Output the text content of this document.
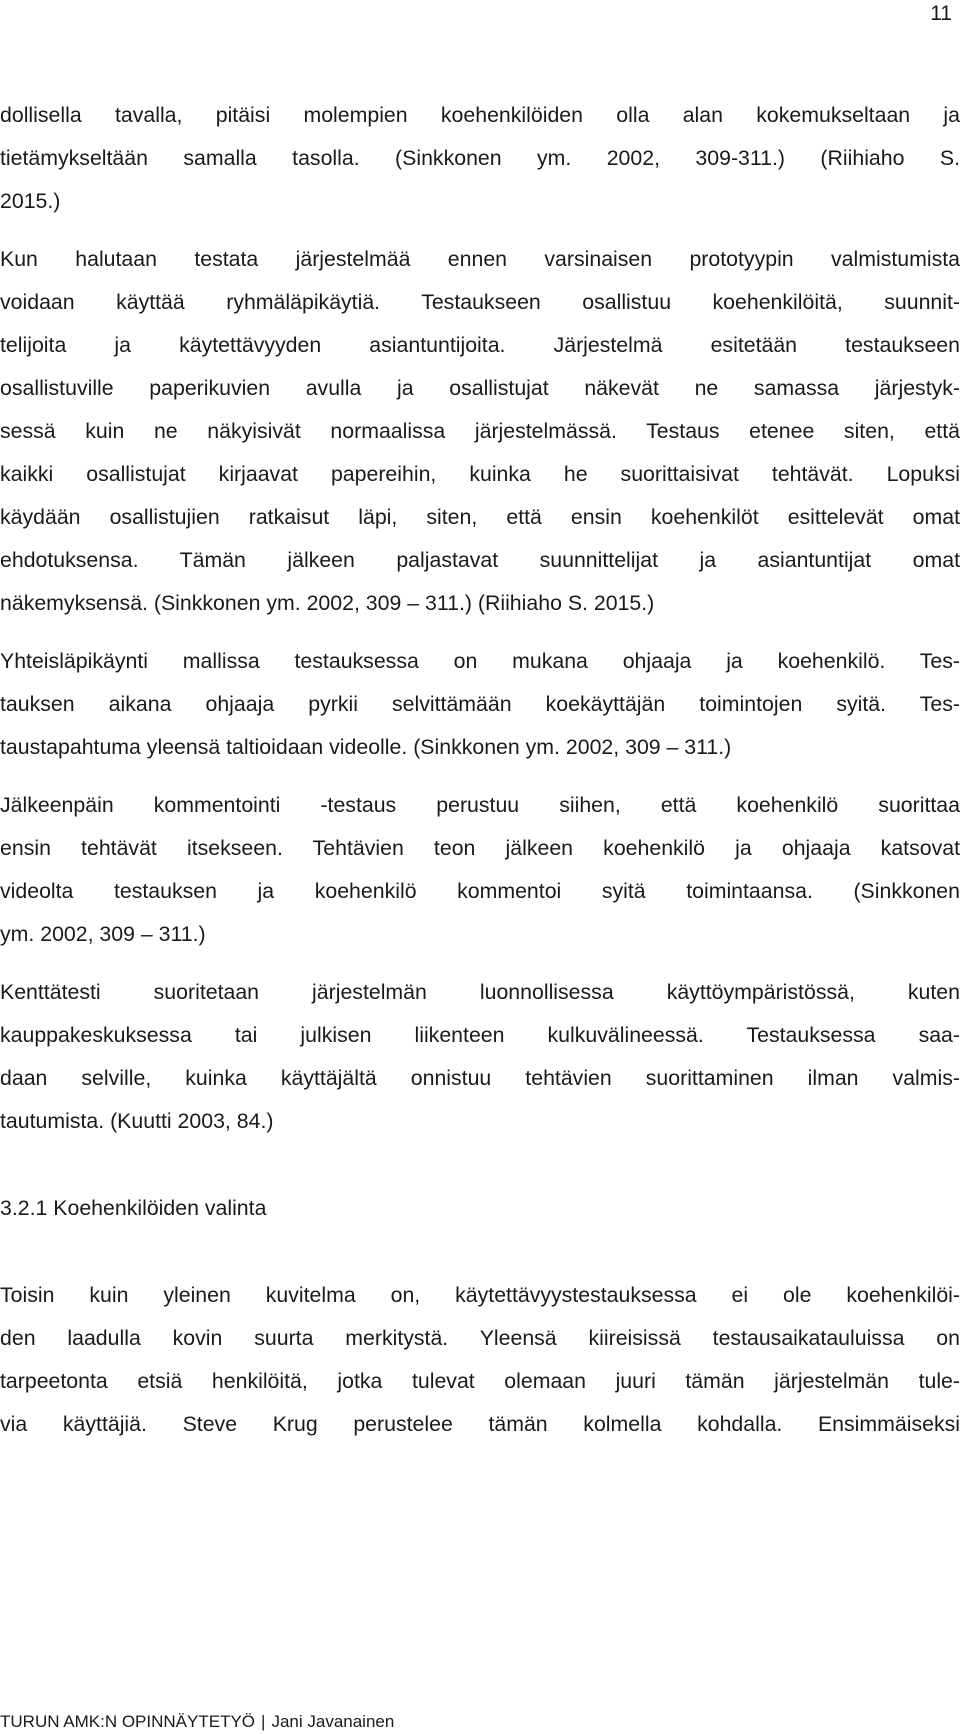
11
dollisella tavalla, pitäisi molempien koehenkilöiden olla alan kokemukseltaan ja
tietämykseltään samalla tasolla. (Sinkkonen ym. 2002, 309-311.) (Riihiaho S.
2015.)
Kun halutaan testata järjestelmää ennen varsinaisen prototyypin valmistumista
voidaan käyttää ryhmäläpikäytiä. Testaukseen osallistuu koehenkilöitä, suunnit-
telijoita ja käytettävyyden asiantuntijoita. Järjestelmä esitetään testaukseen
osallistuville paperikuvien avulla ja osallistujat näkevät ne samassa järjestyk-
sessä kuin ne näkyisivät normaalissa järjestelmässä. Testaus etenee siten, että
kaikki osallistujat kirjaavat papereihin, kuinka he suorittaisivat tehtävät. Lopuksi
käydään osallistujien ratkaisut läpi, siten, että ensin koehenkilöt esittelevät omat
ehdotuksensa. Tämän jälkeen paljastavat suunnittelijat ja asiantuntijat omat
näkemyksensä. (Sinkkonen ym. 2002, 309 – 311.) (Riihiaho S. 2015.)
Yhteisläpikäynti mallissa testauksessa on mukana ohjaaja ja koehenkilö. Tes-
tauksen aikana ohjaaja pyrkii selvittämään koekäyttäjän toimintojen syitä. Tes-
taustapahtuma yleensä taltioidaan videolle. (Sinkkonen ym. 2002, 309 – 311.)
Jälkeenpäin kommentointi -testaus perustuu siihen, että koehenkilö suorittaa
ensin tehtävät itsekseen. Tehtävien teon jälkeen koehenkilö ja ohjaaja katsovat
videolta testauksen ja koehenkilö kommentoi syitä toimintaansa. (Sinkkonen
ym. 2002, 309 – 311.)
Kenttätesti suoritetaan järjestelmän luonnollisessa käyttöympäristössä, kuten
kauppakeskuksessa tai julkisen liikenteen kulkuvälineessä. Testauksessa saa-
daan selville, kuinka käyttäjältä onnistuu tehtävien suorittaminen ilman valmis-
tautumista. (Kuutti 2003, 84.)
3.2.1 Koehenkilöiden valinta
Toisin kuin yleinen kuvitelma on, käytettävyystestauksessa ei ole koehenkilöi-
den laadulla kovin suurta merkitystä. Yleensä kiireisissä testausaikatauluissa on
tarpeetonta etsiä henkilöitä, jotka tulevat olemaan juuri tämän järjestelmän tule-
via käyttäjiä. Steve Krug perustelee tämän kolmella kohdalla. Ensimmäiseksi
TURUN AMK:N OPINNÄYTETYÖ | Jani Javanainen
